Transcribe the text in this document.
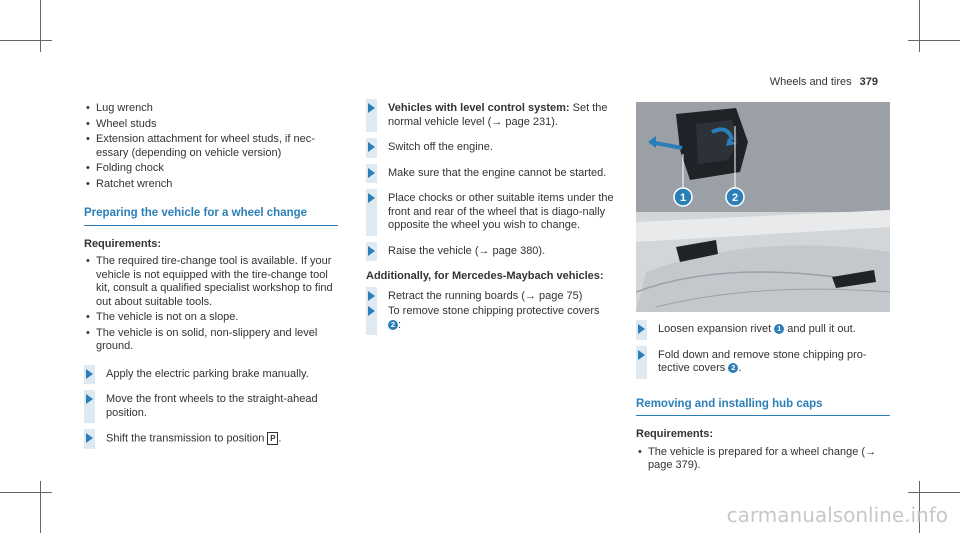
Wheels and tires 379
• Lug wrench
• Wheel studs
• Extension attachment for wheel studs, if nec-essary (depending on vehicle version)
• Folding chock
• Ratchet wrench
Preparing the vehicle for a wheel change
Requirements:
• The required tire-change tool is available. If your vehicle is not equipped with the tire-change tool kit, consult a qualified specialist workshop to find out about suitable tools.
• The vehicle is not on a slope.
• The vehicle is on solid, non-slippery and level ground.
Apply the electric parking brake manually.
Move the front wheels to the straight-ahead position.
Shift the transmission to position P .
Vehicles with level control system: Set the normal vehicle level (→ page 231).
Switch off the engine.
Make sure that the engine cannot be started.
Place chocks or other suitable items under the front and rear of the wheel that is diago-nally opposite the wheel you wish to change.
Raise the vehicle (→ page 380).
Additionally, for Mercedes-Maybach vehicles:
Retract the running boards (→ page 75)
To remove stone chipping protective covers
2 :
1	2
Loosen expansion rivet 1 and pull it out.
Fold down and remove stone chipping pro-tective covers 2 .
Removing and installing hub caps
Requirements:
• The vehicle is prepared for a wheel change (→ page 379).
carmanualsonline.info
